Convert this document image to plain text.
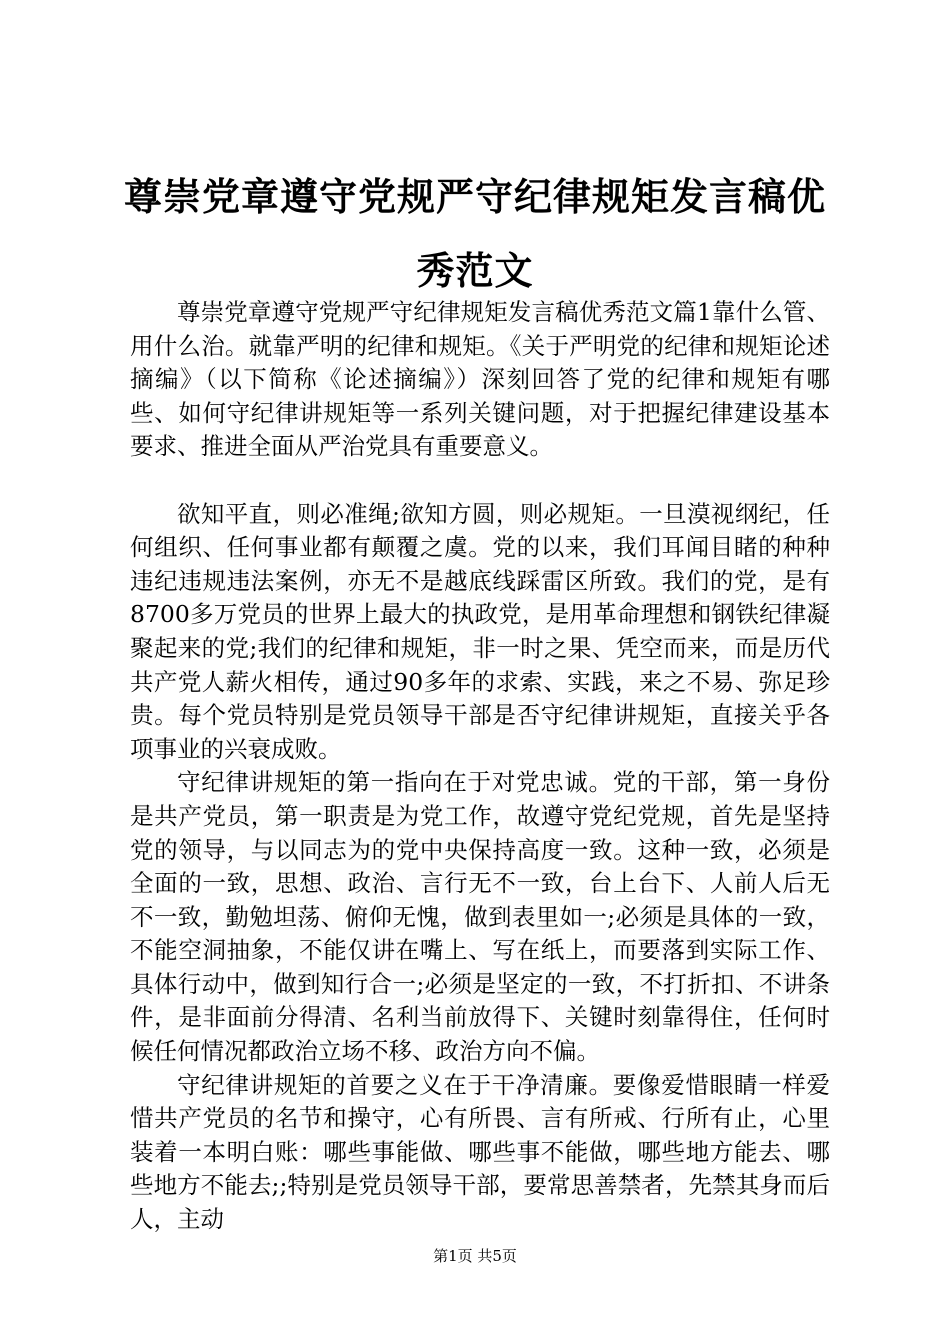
尊崇党章遵守党规严守纪律规矩发言稿优秀范文

尊崇党章遵守党规严守纪律规矩发言稿优秀范文篇1靠什么管、用什么治。就靠严明的纪律和规矩。《关于严明党的纪律和规矩论述摘编》（以下简称《论述摘编》）深刻回答了党的纪律和规矩有哪些、如何守纪律讲规矩等一系列关键问题，对于把握纪律建设基本要求、推进全面从严治党具有重要意义。

欲知平直，则必准绳;欲知方圆，则必规矩。一旦漠视纲纪，任何组织、任何事业都有颠覆之虞。党的以来，我们耳闻目睹的种种违纪违规违法案例，亦无不是越底线踩雷区所致。我们的党，是有8700多万党员的世界上最大的执政党，是用革命理想和钢铁纪律凝聚起来的党;我们的纪律和规矩，非一时之果、凭空而来，而是历代共产党人薪火相传，通过90多年的求索、实践，来之不易、弥足珍贵。每个党员特别是党员领导干部是否守纪律讲规矩，直接关乎各项事业的兴衰成败。

守纪律讲规矩的第一指向在于对党忠诚。党的干部，第一身份是共产党员，第一职责是为党工作，故遵守党纪党规，首先是坚持党的领导，与以同志为的党中央保持高度一致。这种一致，必须是全面的一致，思想、政治、言行无不一致，台上台下、人前人后无不一致，勤勉坦荡、俯仰无愧，做到表里如一;必须是具体的一致，不能空洞抽象，不能仅讲在嘴上、写在纸上，而要落到实际工作、具体行动中，做到知行合一;必须是坚定的一致，不打折扣、不讲条件，是非面前分得清、名利当前放得下、关键时刻靠得住，任何时候任何情况都政治立场不移、政治方向不偏。

守纪律讲规矩的首要之义在于干净清廉。要像爱惜眼睛一样爱惜共产党员的名节和操守，心有所畏、言有所戒、行所有止，心里装着一本明白账：哪些事能做、哪些事不能做，哪些地方能去、哪些地方不能去;;特别是党员领导干部，要常思善禁者，先禁其身而后人，主动

第1页 共5页
